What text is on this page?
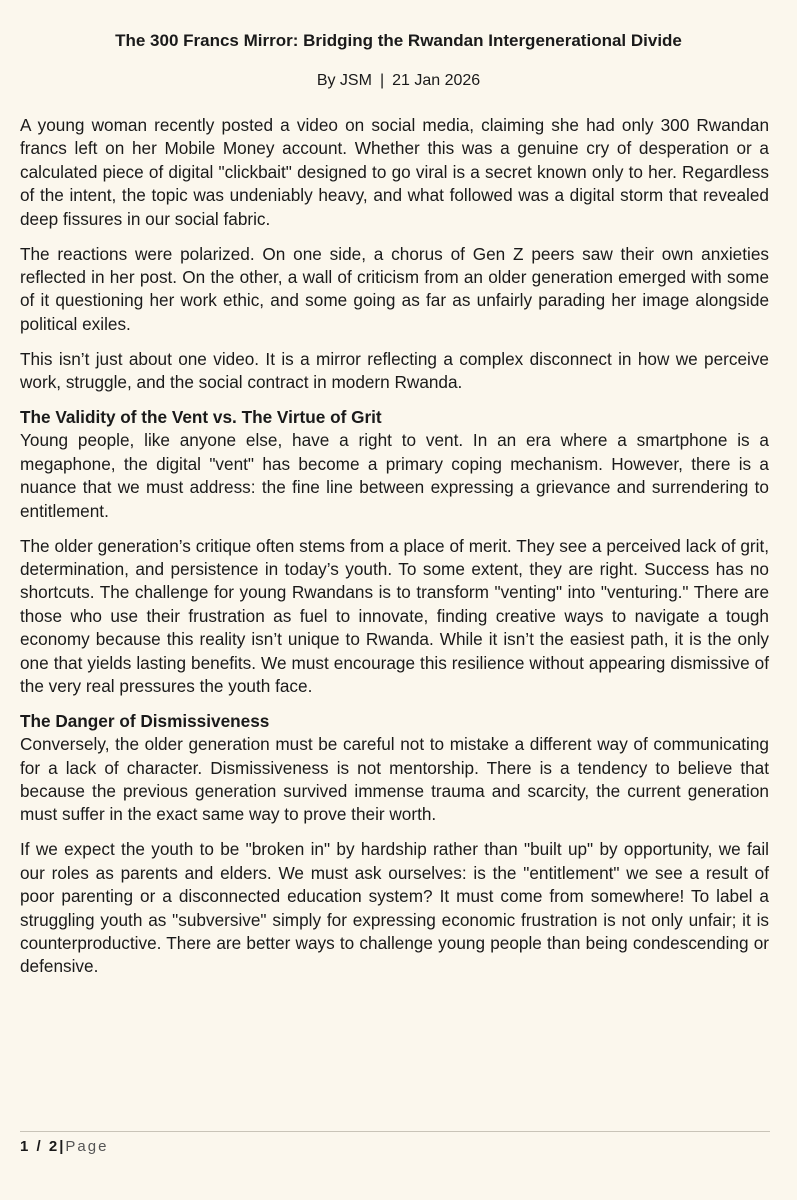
The 300 Francs Mirror: Bridging the Rwandan Intergenerational Divide
By JSM | 21 Jan 2026

A young woman recently posted a video on social media, claiming she had only 300 Rwandan francs left on her Mobile Money account. Whether this was a genuine cry of desperation or a calculated piece of digital "clickbait" designed to go viral is a secret known only to her. Regardless of the intent, the topic was undeniably heavy, and what followed was a digital storm that revealed deep fissures in our social fabric.

The reactions were polarized. On one side, a chorus of Gen Z peers saw their own anxieties reflected in her post. On the other, a wall of criticism from an older generation emerged with some of it questioning her work ethic, and some going as far as unfairly parading her image alongside political exiles.

This isn’t just about one video. It is a mirror reflecting a complex disconnect in how we perceive work, struggle, and the social contract in modern Rwanda.

The Validity of the Vent vs. The Virtue of Grit

Young people, like anyone else, have a right to vent. In an era where a smartphone is a megaphone, the digital "vent" has become a primary coping mechanism. However, there is a nuance that we must address: the fine line between expressing a grievance and surrendering to entitlement.

The older generation’s critique often stems from a place of merit. They see a perceived lack of grit, determination, and persistence in today’s youth. To some extent, they are right. Success has no shortcuts. The challenge for young Rwandans is to transform "venting" into "venturing." There are those who use their frustration as fuel to innovate, finding creative ways to navigate a tough economy because this reality isn’t unique to Rwanda. While it isn’t the easiest path, it is the only one that yields lasting benefits. We must encourage this resilience without appearing dismissive of the very real pressures the youth face.

The Danger of Dismissiveness

Conversely, the older generation must be careful not to mistake a different way of communicating for a lack of character. Dismissiveness is not mentorship. There is a tendency to believe that because the previous generation survived immense trauma and scarcity, the current generation must suffer in the exact same way to prove their worth.

If we expect the youth to be "broken in" by hardship rather than "built up" by opportunity, we fail our roles as parents and elders. We must ask ourselves: is the "entitlement" we see a result of poor parenting or a disconnected education system? It must come from somewhere! To label a struggling youth as "subversive" simply for expressing economic frustration is not only unfair; it is counterproductive. There are better ways to challenge young people than being condescending or defensive.

1 / 2|Page
